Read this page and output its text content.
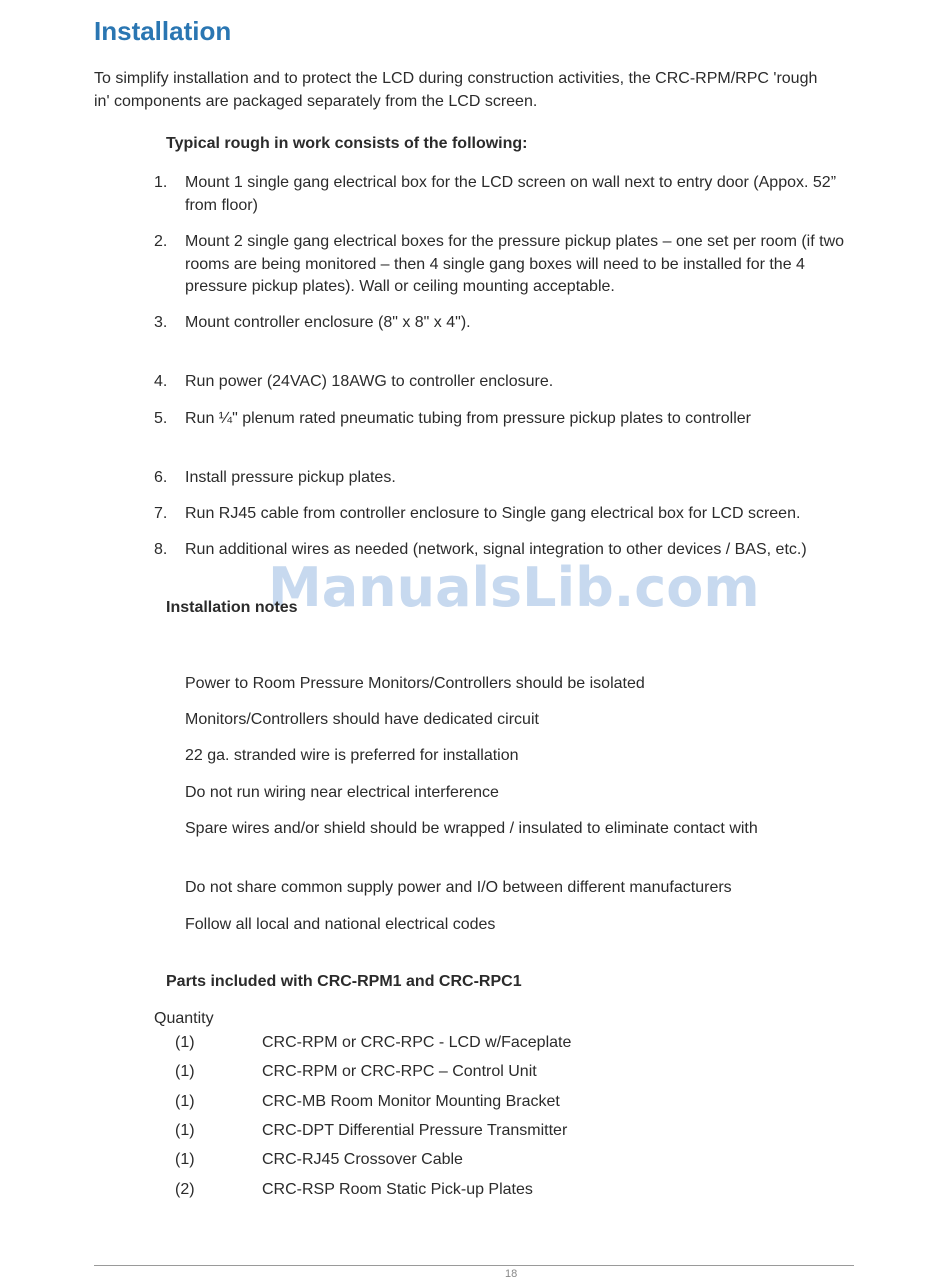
Installation
To simplify installation and to protect the LCD during construction activities, the CRC-RPM/RPC 'rough in' components are packaged separately from the LCD screen.
Typical rough in work consists of the following:
1.	Mount 1 single gang electrical box for the LCD screen on wall next to entry door (Appox. 52” from floor)
2.	Mount 2 single gang electrical boxes for the pressure pickup plates – one set per room (if two rooms are being monitored – then 4 single gang boxes will need to be installed for the 4 pressure pickup plates). Wall or ceiling mounting acceptable.
3.	Mount controller enclosure (8" x 8" x 4").
4.	Run power (24VAC) 18AWG to controller enclosure.
5.	Run ¼" plenum rated pneumatic tubing from pressure pickup plates to controller
6.	Install pressure pickup plates.
7.	Run RJ45 cable from controller enclosure to Single gang electrical box for LCD screen.
8.	Run additional wires as needed (network, signal integration to other devices / BAS, etc.)
ManualsLib.com
Installation notes
Power to Room Pressure Monitors/Controllers should be isolated
Monitors/Controllers should have dedicated circuit
22 ga. stranded wire is preferred for installation
Do not run wiring near electrical interference
Spare wires and/or shield should be wrapped / insulated to eliminate contact with
Do not share common supply power and I/O between different manufacturers
Follow all local and national electrical codes
Parts included with CRC-RPM1 and CRC-RPC1
Quantity
(1)	CRC-RPM or CRC-RPC - LCD w/Faceplate
(1)	CRC-RPM or CRC-RPC – Control Unit
(1)	CRC-MB Room Monitor Mounting Bracket
(1)	CRC-DPT Differential Pressure Transmitter
(1)	CRC-RJ45 Crossover Cable
(2)	CRC-RSP Room Static Pick-up Plates
18
